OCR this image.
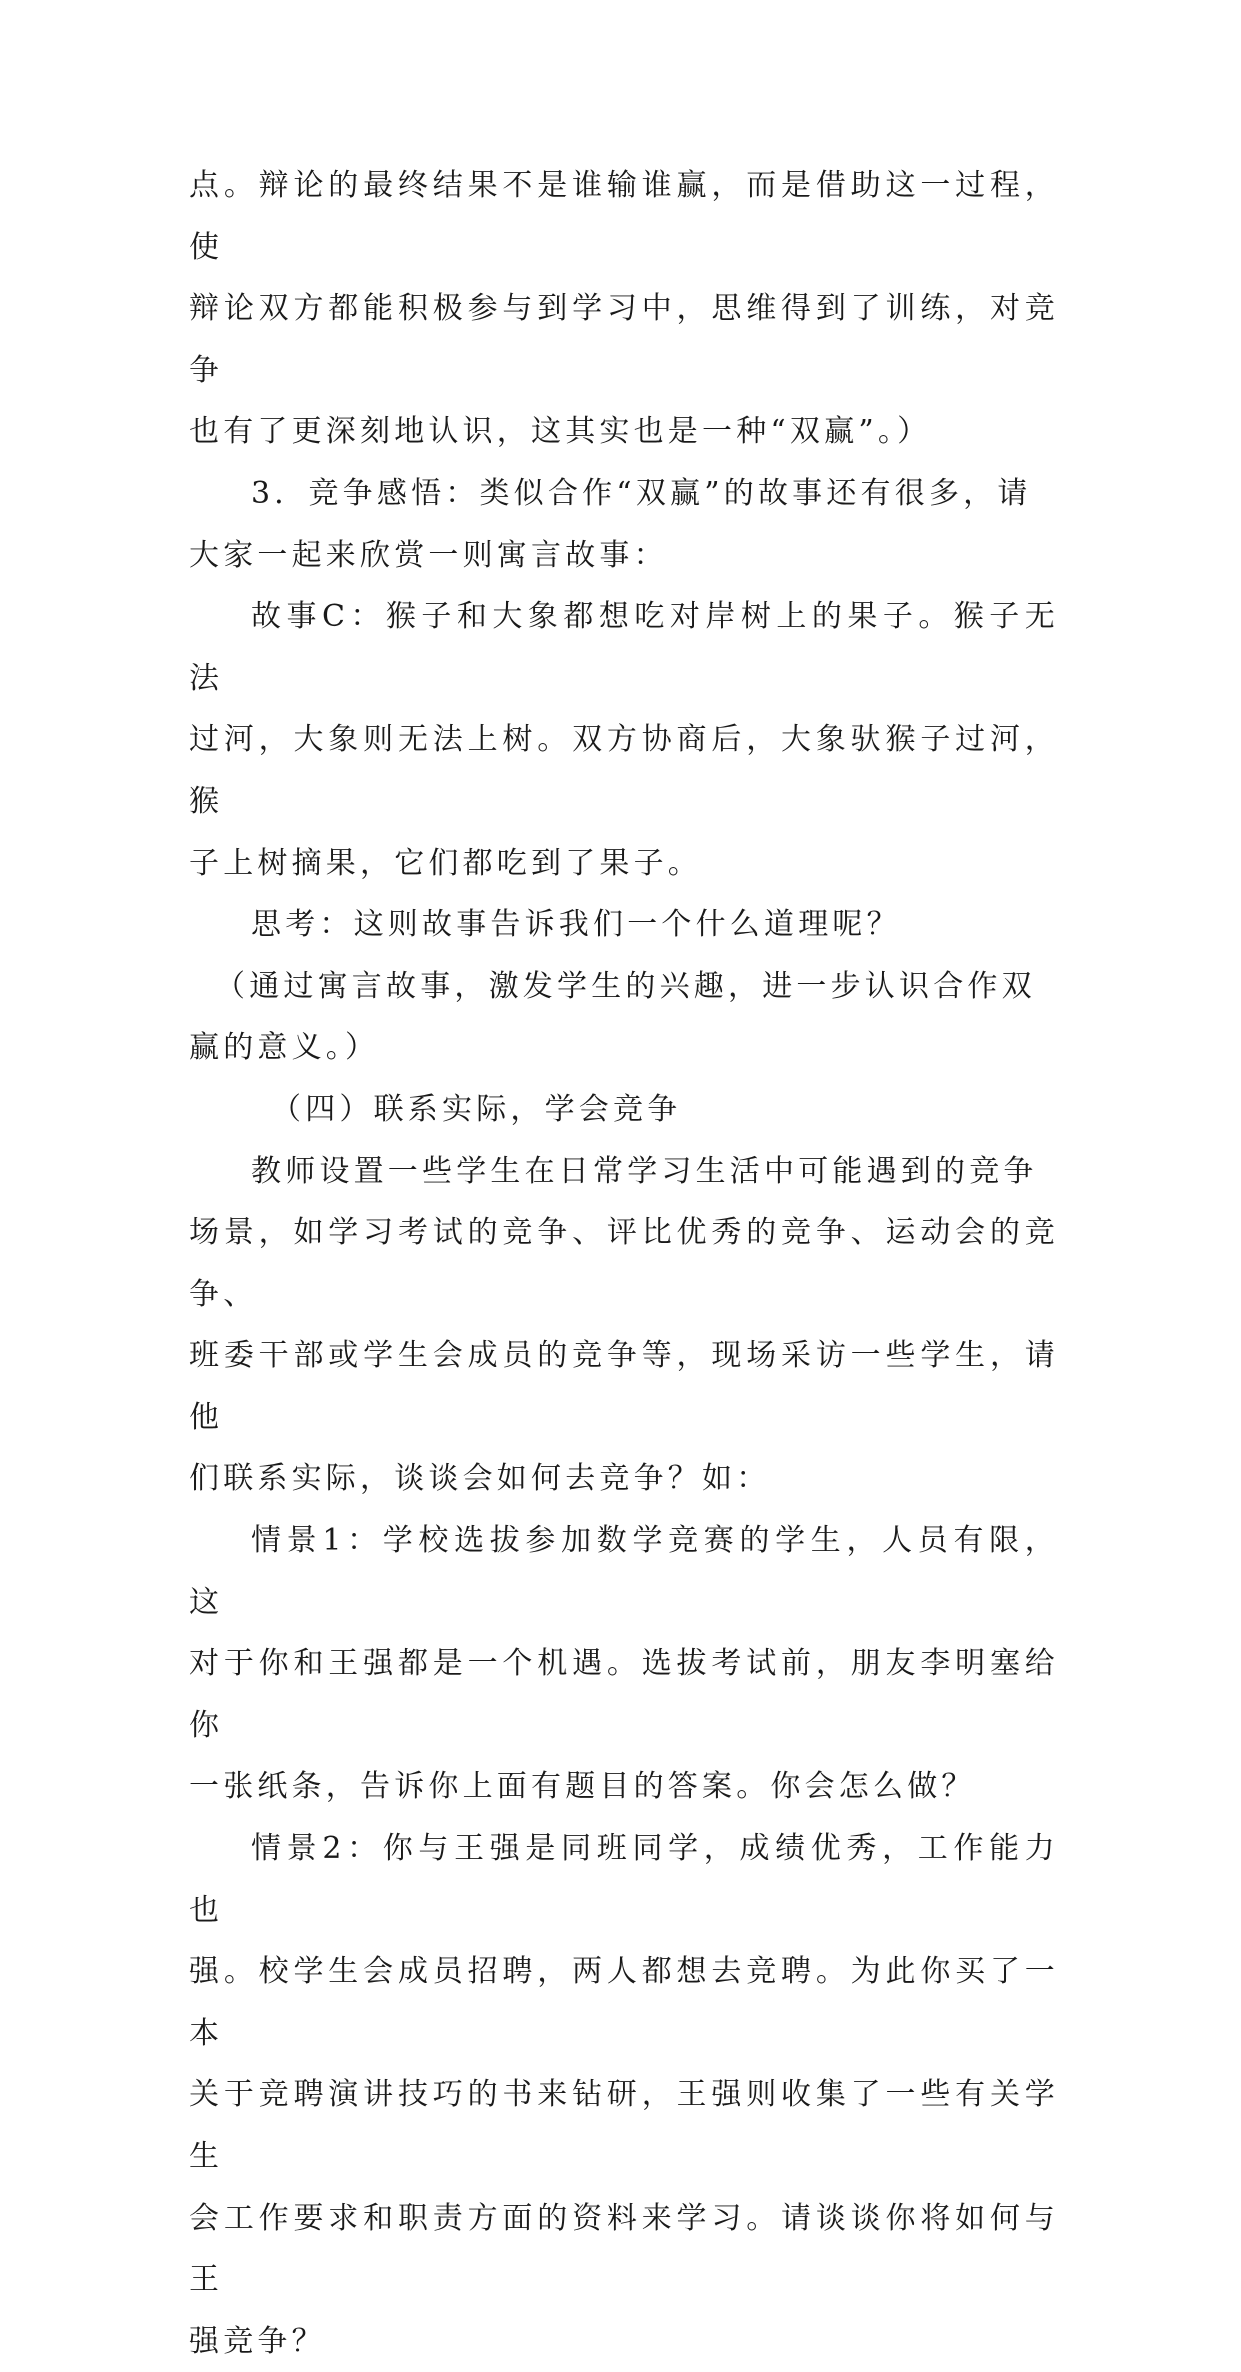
点。辩论的最终结果不是谁输谁赢，而是借助这一过程，使
辩论双方都能积极参与到学习中，思维得到了训练，对竞争
也有了更深刻地认识，这其实也是一种“双赢”。）

3．竞争感悟：类似合作“双赢”的故事还有很多，请
大家一起来欣赏一则寓言故事：

故事C：猴子和大象都想吃对岸树上的果子。猴子无法
过河，大象则无法上树。双方协商后，大象驮猴子过河，猴
子上树摘果，它们都吃到了果子。

思考：这则故事告诉我们一个什么道理呢？

（通过寓言故事，激发学生的兴趣，进一步认识合作双
赢的意义。）

（四）联系实际，学会竞争

教师设置一些学生在日常学习生活中可能遇到的竞争
场景，如学习考试的竞争、评比优秀的竞争、运动会的竞争、
班委干部或学生会成员的竞争等，现场采访一些学生，请他
们联系实际，谈谈会如何去竞争？如：

情景1：学校选拔参加数学竞赛的学生，人员有限，这
对于你和王强都是一个机遇。选拔考试前，朋友李明塞给你
一张纸条，告诉你上面有题目的答案。你会怎么做？

情景2：你与王强是同班同学，成绩优秀，工作能力也
强。校学生会成员招聘，两人都想去竞聘。为此你买了一本
关于竞聘演讲技巧的书来钻研，王强则收集了一些有关学生
会工作要求和职责方面的资料来学习。请谈谈你将如何与王
强竞争？
